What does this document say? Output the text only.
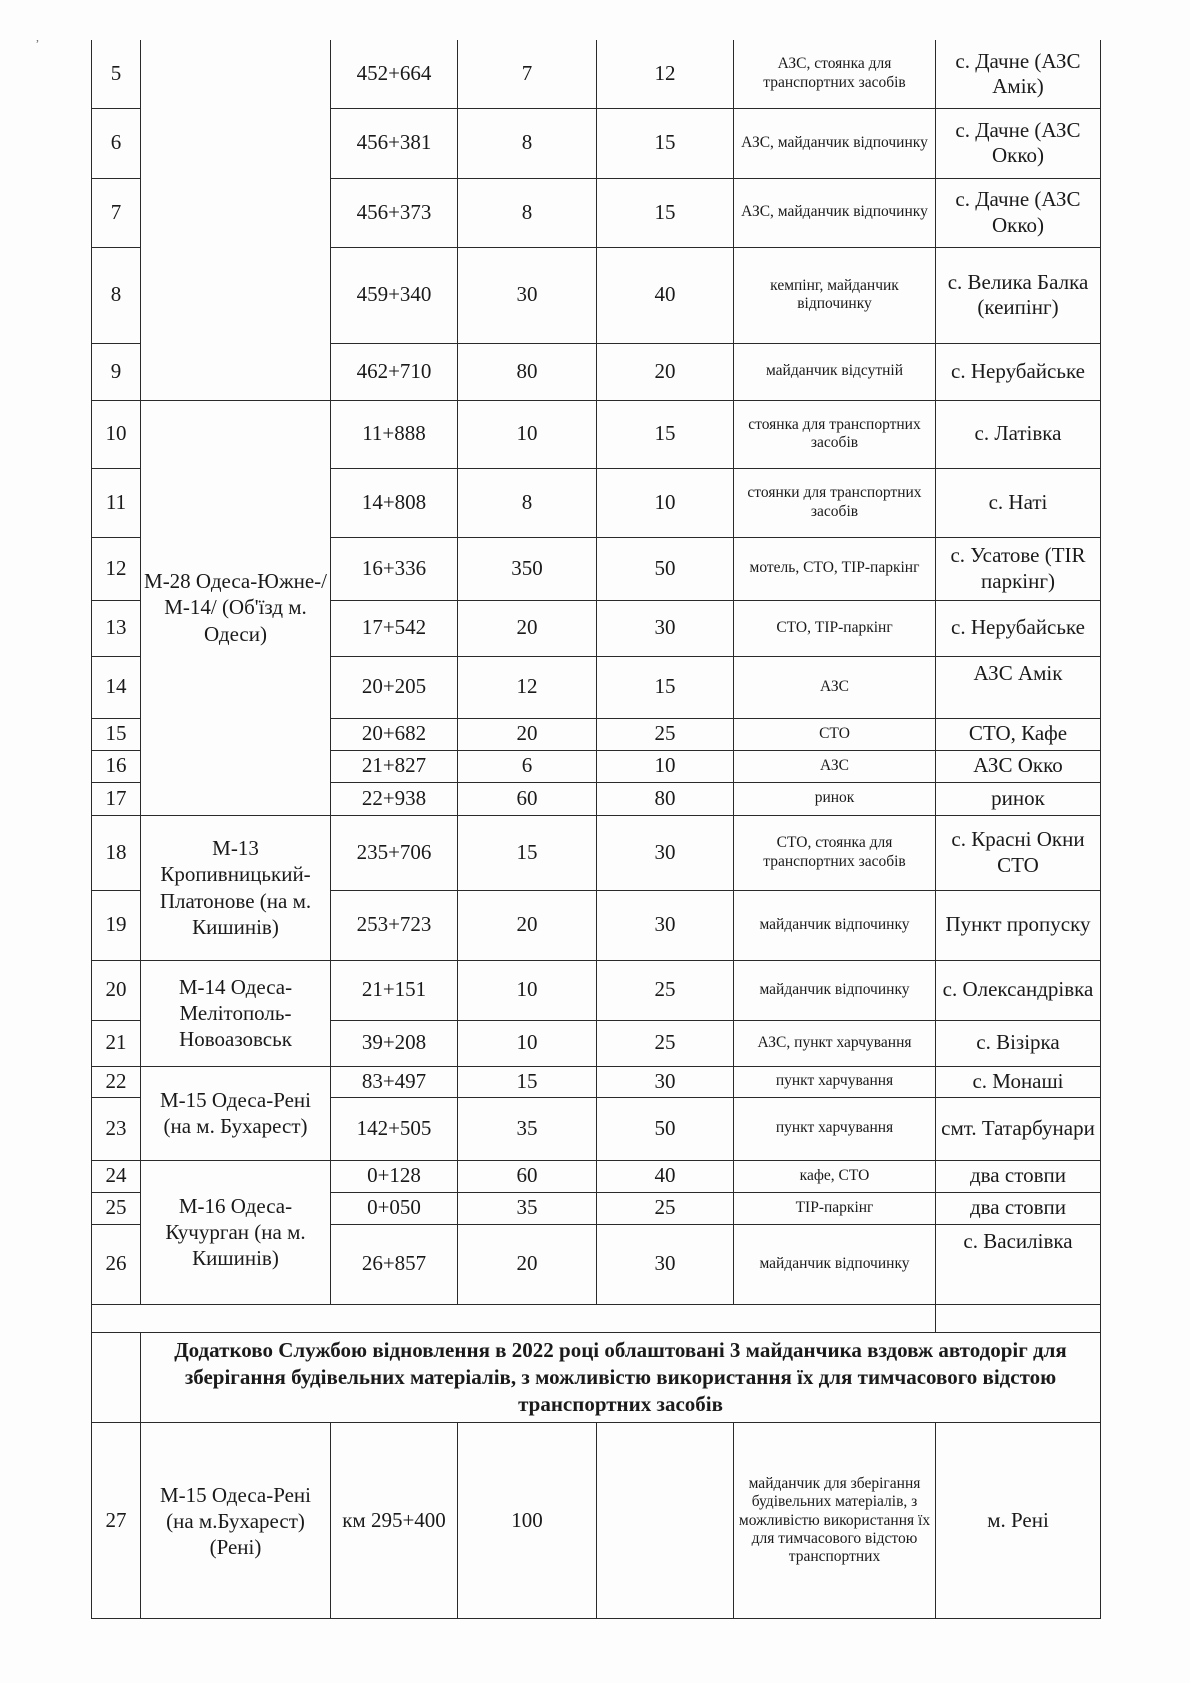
,
5		452+664	7	12	АЗС, стоянка для транспортних засобів	с. Дачне (АЗС Амік)
6		456+381	8	15	АЗС, майданчик відпочинку	с. Дачне (АЗС Окко)
7		456+373	8	15	АЗС, майданчик відпочинку	с. Дачне (АЗС Окко)
8		459+340	30	40	кемпінг, майданчик відпочинку	с. Велика Балка (кеипінг)
9		462+710	80	20	майданчик відсутній	с. Нерубайське
10	М-28 Одеса-Южне-/М-14/ (Об'їзд м. Одеси)	11+888	10	15	стоянка для транспортних засобів	с. Латівка
11		14+808	8	10	стоянки для транспортних засобів	с. Наті
12		16+336	350	50	мотель, СТО, ТІР-паркінг	с. Усатове (TIR паркінг)
13		17+542	20	30	СТО, ТІР-паркінг	с. Нерубайське
14		20+205	12	15	АЗС	АЗС Амік
15		20+682	20	25	СТО	СТО, Кафе
16		21+827	6	10	АЗС	АЗС Окко
17		22+938	60	80	ринок	ринок
18	М-13 Кропивницький-Платонове (на м. Кишинів)	235+706	15	30	СТО, стоянка для транспортних засобів	с. Красні Окни СТО
19		253+723	20	30	майданчик відпочинку	Пункт пропуску
20	М-14 Одеса-Мелітополь-Новоазовськ	21+151	10	25	майданчик відпочинку	с. Олександрівка
21		39+208	10	25	АЗС, пункт харчування	с. Візірка
22	М-15 Одеса-Рені (на м. Бухарест)	83+497	15	30	пункт харчування	с. Монаші
23		142+505	35	50	пункт харчування	смт. Татарбунари
24	М-16 Одеса-Кучурган (на м. Кишинів)	0+128	60	40	кафе, СТО	два стовпи
25		0+050	35	25	ТІР-паркінг	два стовпи
26		26+857	20	30	майданчик відпочинку	с. Василівка

	Додатково Службою відновлення в 2022 році облаштовані 3 майданчика вздовж автодоріг для зберігання будівельних матеріалів, з можливістю використання їх для тимчасового відстою транспортних засобів					
27	М-15 Одеса-Рені (на м.Бухарест) (Рені)	км 295+400	100		майданчик для зберігання будівельних матеріалів, з можливістю використання їх для тимчасового відстою транспортних	м. Рені
